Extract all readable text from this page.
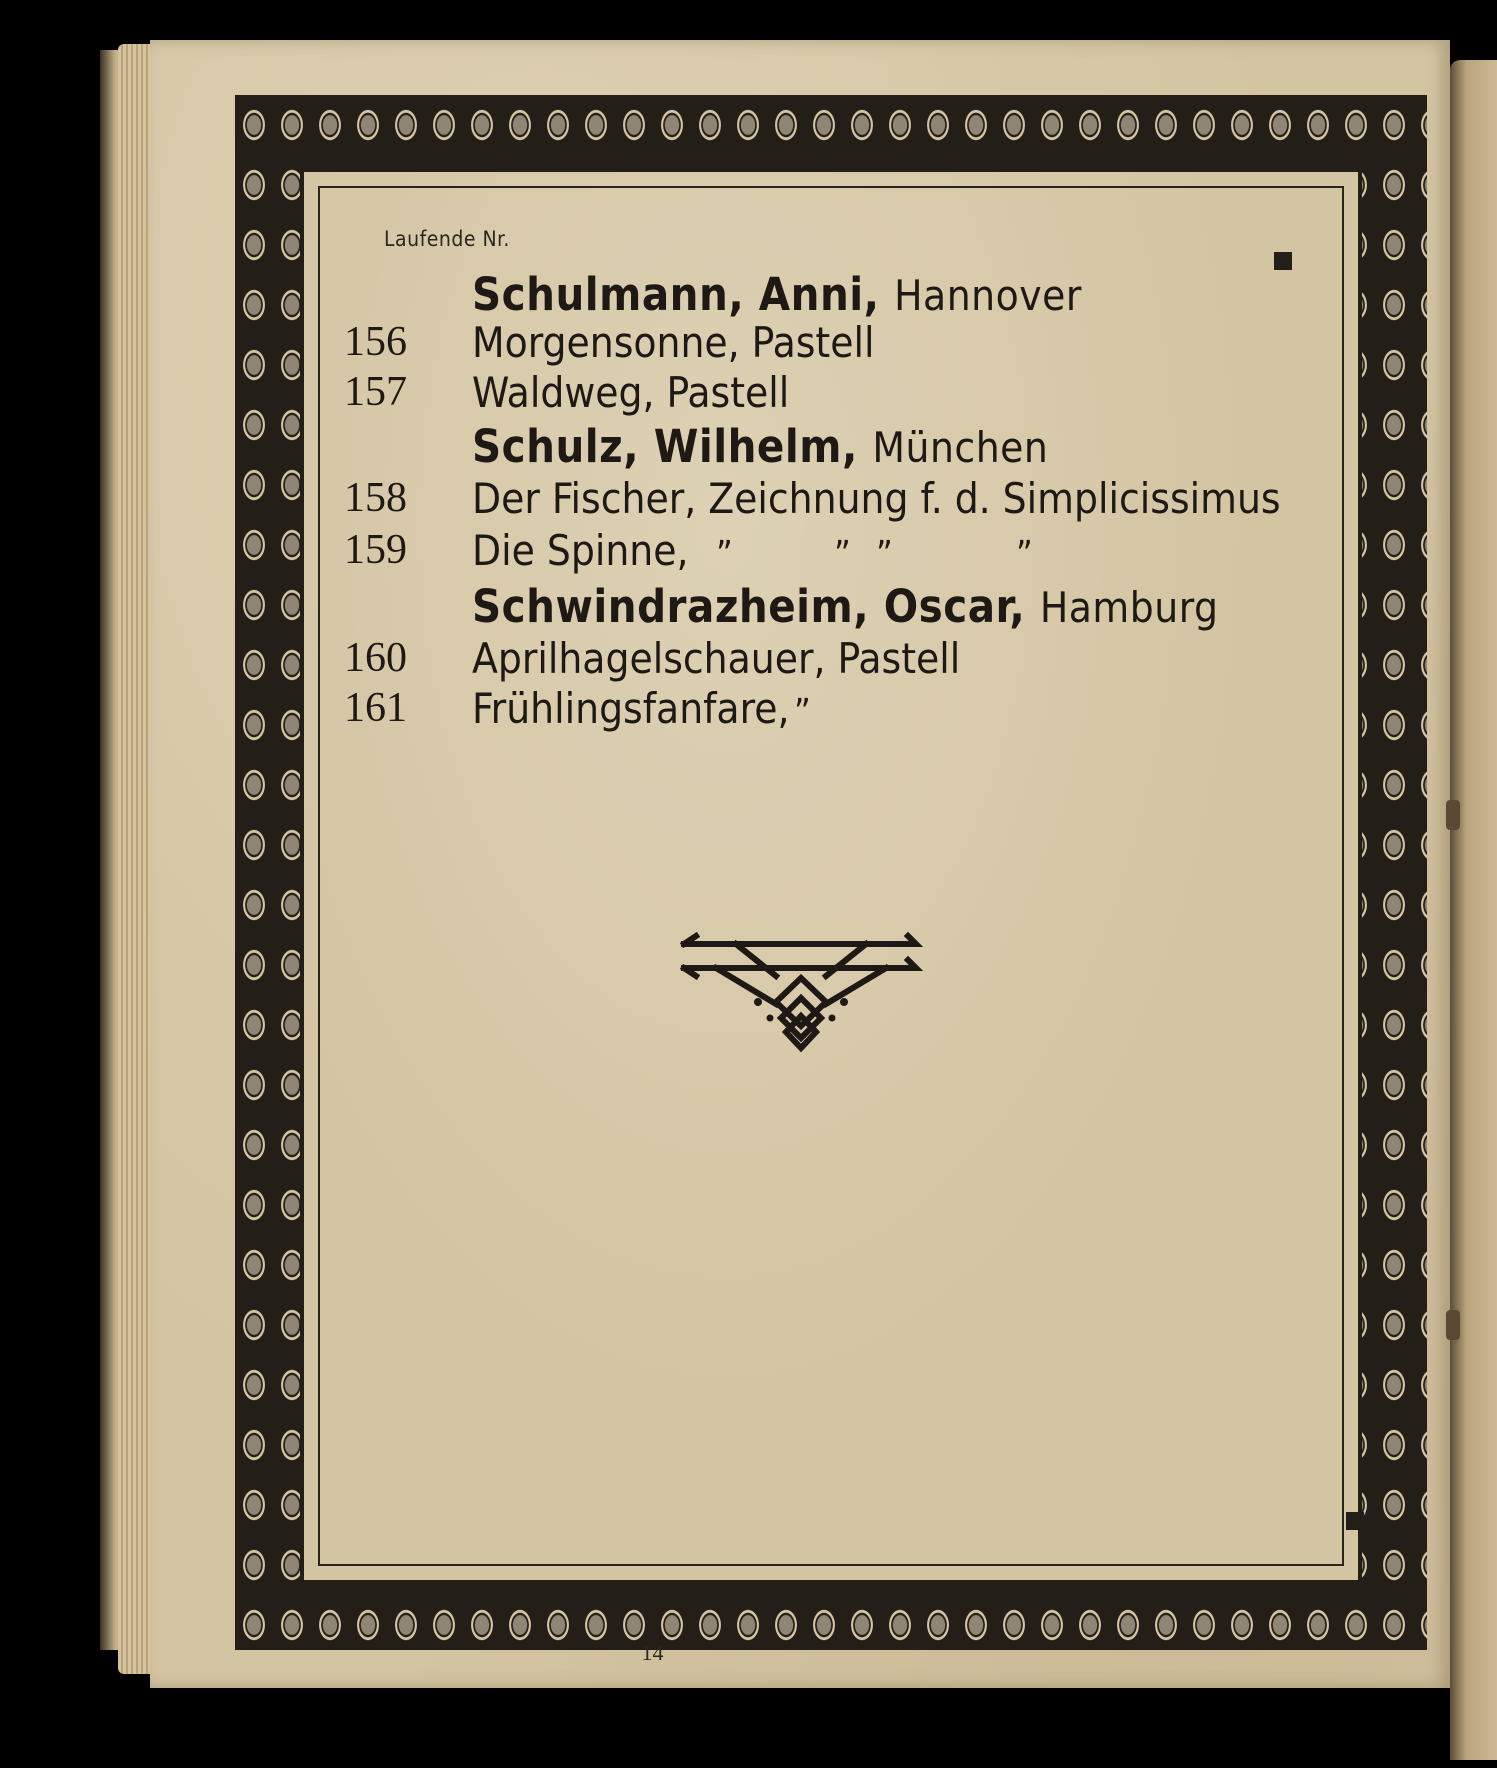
Laufende Nr.
Schulmann, Anni, Hannover
156	Morgensonne, Pastell
157	Waldweg, Pastell
Schulz, Wilhelm, München
158	Der Fischer, Zeichnung f. d. Simplicissimus
159	Die Spinne, ”	” ”	”
Schwindrazheim, Oscar, Hamburg
160	Aprilhagelschauer, Pastell
161	Frühlingsfanfare, ”
14
